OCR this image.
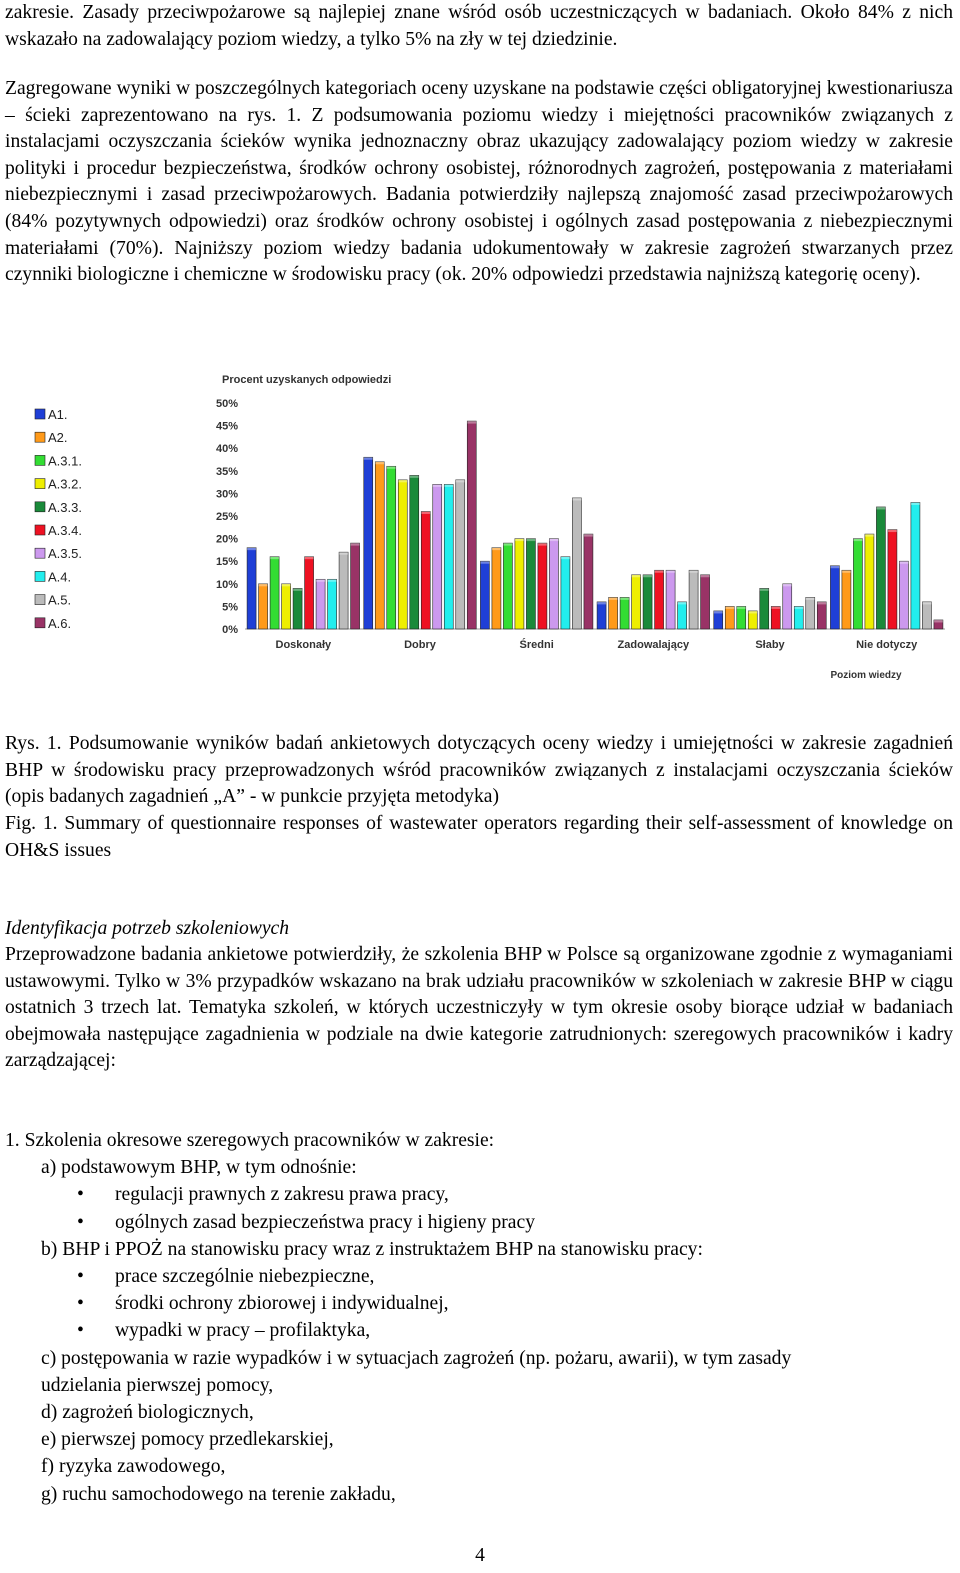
zakresie. Zasady przeciwpożarowe są najlepiej znane wśród osób uczestniczących w badaniach. Około 84% z nich wskazało na zadowalający poziom wiedzy, a tylko 5% na zły w tej dziedzinie.

Zagregowane wyniki w poszczególnych kategoriach oceny uzyskane na podstawie części obligatoryjnej kwestionariusza – ścieki zaprezentowano na rys. 1. Z podsumowania poziomu wiedzy i miejętności pracowników związanych z instalacjami oczyszczania ścieków wynika jednoznaczny obraz ukazujący zadowalający poziom wiedzy w zakresie polityki i procedur bezpieczeństwa, środków ochrony osobistej, różnorodnych zagrożeń, postępowania z materiałami niebezpiecznymi i zasad przeciwpożarowych. Badania potwierdziły najlepszą znajomość zasad przeciwpożarowych (84% pozytywnych odpowiedzi) oraz środków ochrony osobistej i ogólnych zasad postępowania z niebezpiecznymi materiałami (70%). Najniższy poziom wiedzy badania udokumentowały w zakresie zagrożeń stwarzanych przez czynniki biologiczne i chemiczne w środowisku pracy (ok. 20% odpowiedzi przedstawia najniższą kategorię oceny).

Procent uzyskanych odpowiedzi
0%
5%
10%
15%
20%
25%
30%
35%
40%
45%
50%
Doskonały	Dobry	Średni	Zadowalający	Słaby	Nie dotyczy
Poziom wiedzy
A1.
A2.
A.3.1.
A.3.2.
A.3.3.
A.3.4.
A.3.5.
A.4.
A.5.
A.6.

Rys. 1. Podsumowanie wyników badań ankietowych dotyczących oceny wiedzy i umiejętności w zakresie zagadnień BHP w środowisku pracy przeprowadzonych wśród pracowników związanych z instalacjami oczyszczania ścieków (opis badanych zagadnień „A” - w punkcie przyjęta metodyka)

Fig. 1. Summary of questionnaire responses of wastewater operators regarding their self-assessment of knowledge on OH&S issues

Identyfikacja potrzeb szkoleniowych

Przeprowadzone badania ankietowe potwierdziły, że szkolenia BHP w Polsce są organizowane zgodnie z wymaganiami ustawowymi. Tylko w 3% przypadków wskazano na brak udziału pracowników w szkoleniach w zakresie BHP w ciągu ostatnich 3 trzech lat. Tematyka szkoleń, w których uczestniczyły w tym okresie osoby biorące udział w badaniach obejmowała następujące zagadnienia w podziale na dwie kategorie zatrudnionych: szeregowych pracowników i kadry zarządzającej:

1. Szkolenia okresowe szeregowych pracowników w zakresie:
a) podstawowym BHP, w tym odnośnie:
• regulacji prawnych z zakresu prawa pracy,
• ogólnych zasad bezpieczeństwa pracy i higieny pracy
b) BHP i PPOŻ na stanowisku pracy wraz z instruktażem BHP na stanowisku pracy:
• prace szczególnie niebezpieczne,
• środki ochrony zbiorowej i indywidualnej,
• wypadki w pracy – profilaktyka,
c) postępowania w razie wypadków i w sytuacjach zagrożeń (np. pożaru, awarii), w tym zasady
udzielania pierwszej pomocy,
d) zagrożeń biologicznych,
e) pierwszej pomocy przedlekarskiej,
f) ryzyka zawodowego,
g) ruchu samochodowego na terenie zakładu,
4
